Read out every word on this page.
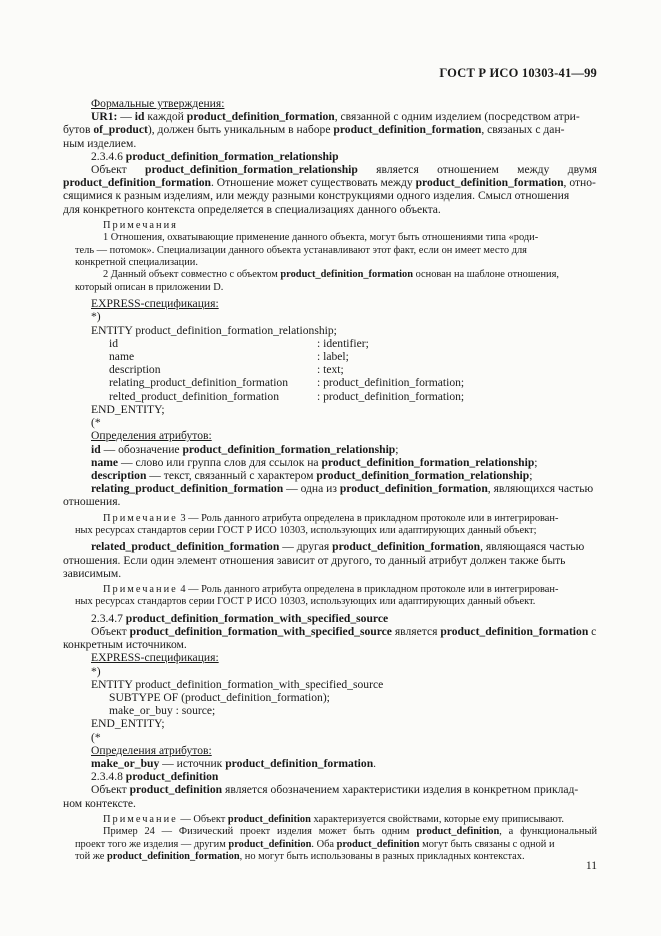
ГОСТ Р ИСО 10303-41—99

Формальные утверждения:

UR1: — id каждой product_definition_formation, связанной с одним изделием (посредством атри-

бутов of_product), должен быть уникальным в наборе product_definition_formation, связаных с дан-

ным изделием.

2.3.4.6 product_definition_formation_relationship

Объект product_definition_formation_relationship является отношением между двумя

product_definition_formation. Отношение может существовать между product_definition_formation, отно-

сящимися к разным изделиям, или между разными конструкциями одного изделия. Смысл отношения

для конкретного контекста определяется в специализациях данного объекта.

Примечания

1 Отношения, охватывающие применение данного объекта, могут быть отношениями типа «роди-

тель — потомок». Специализации данного объекта устанавливают этот факт, если он имеет место для

конкретной специализации.

2 Данный объект совместно с объектом product_definition_formation основан на шаблоне отношения,

который описан в приложении D.

EXPRESS-спецификация:

*)

ENTITY product_definition_formation_relationship;

id	: identifier;
name	: label;
description	: text;
relating_product_definition_formation	: product_definition_formation;
relted_product_definition_formation	: product_definition_formation;

END_ENTITY;

(*

Определения атрибутов:

id — обозначение product_definition_formation_relationship;

name — слово или группа слов для ссылок на product_definition_formation_relationship;

description — текст, связанный с характером product_definition_formation_relationship;

relating_product_definition_formation — одна из product_definition_formation, являющихся частью

отношения.

Примечание 3 — Роль данного атрибута определена в прикладном протоколе или в интегрирован-

ных ресурсах стандартов серии ГОСТ Р ИСО 10303, использующих или адаптирующих данный объект;

related_product_definition_formation — другая product_definition_formation, являющаяся частью

отношения. Если один элемент отношения зависит от другого, то данный атрибут должен также быть

зависимым.

Примечание 4 — Роль данного атрибута определена в прикладном протоколе или в интегрирован-

ных ресурсах стандартов серии ГОСТ Р ИСО 10303, использующих или адаптирующих данный объект.

2.3.4.7 product_definition_formation_with_specified_source

Объект product_definition_formation_with_specified_source является product_definition_formation с

конкретным источником.

EXPRESS-спецификация:

*)

ENTITY product_definition_formation_with_specified_source

SUBTYPE OF (product_definition_formation);

make_or_buy : source;

END_ENTITY;

(*

Определения атрибутов:

make_or_buy — источник product_definition_formation.

2.3.4.8 product_definition

Объект product_definition является обозначением характеристики изделия в конкретном приклад-

ном контексте.

Примечание — Объект product_definition характеризуется свойствами, которые ему приписывают.

Пример 24 — Физический проект изделия может быть одним product_definition, а функциональный

проект того же изделия — другим product_definition. Оба product_definition могут быть связаны с одной и

той же product_definition_formation, но могут быть использованы в разных прикладных контекстах.

11
